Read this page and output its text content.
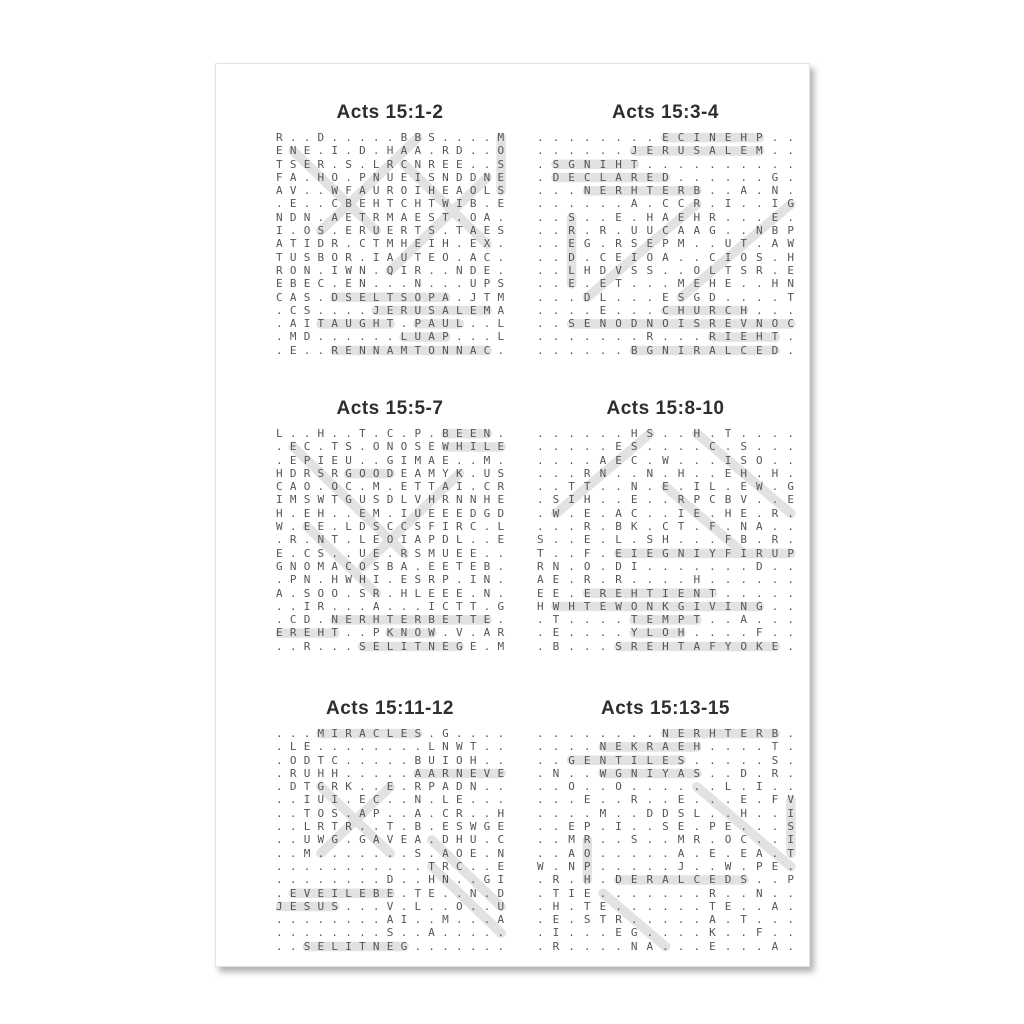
Acts 15:1-2
R . . D . . . . . B B S . . . . M
E N E . I . D . H A A . R D . . O
T S E R . S . L R C N R E E . . S
F A . H O . P N U E I S N D D N E
A V . . W F A U R O I H E A O L S
. E . . C B E H T C H T W I B . E
N D N . A E T R M A E S T . O A .
I . O S . E R U E R T S . T A E S
A T I D R . C T M H E I H . E X .
T U S B O R . I A U T E O . A C .
R O N . I W N . Q I R . . N D E .
E B E C . E N . . . N . . . U P S
C A S . D S E L T S O P A . J T M
. C S . . . . J E R U S A L E M A
. A I T A U G H T . P A U L . . L
. M D . . . . . . L U A P . . . L
. E . . R E N N A M T O N N A C .
Acts 15:3-4
. . . . . . . . E C I N E H P . .
. . . . . . J E R U S A L E M . .
. S G N I H T . . . . . . . . . .
. D E C L A R E D . . . . . . G .
. . . N E R H T E R B . . A . N .
. . . . . . A . C C R . I . . I G
. . S . . E . H A E H R . . . E .
. . R . R . U U C A A G . . N B P
. . E G . R S E P M . . U T . A W
. . D . C E I O A . . C I O S . H
. . L H D V S S . . O L T S R . E
. . E . E T . . . M E H E . . H N
. . . D L . . . E S G D . . . . T
. . . . E . . . C H U R C H . . .
. . S E N O D N O I S R E V N O C
. . . . . . . R . . . R I E H T .
. . . . . . B G N I R A L C E D .
Acts 15:5-7
L . . H . . T . C . P . B E E N .
. E C . T S . O N O S E W H I L E
. E P I E U . . G I M A E . . M .
H D R S R G O O D E A M Y K . U S
C A O . O C . M . E T T A I . C R
I M S W T G U S D L V H R N N H E
H . E H . . E M . I U E E E D G D
W . E E . L D S C C S F I R C . L
. R . N T . L E O I A P D L . . E
E . C S . . U E . R S M U E E . .
G N O M A C O S B A . E E T E B .
. P N . H W H I . E S R P . I N .
A . S O O . S R . H L E E E . N .
. . I R . . . A . . . I C T T . G
. C D . N E R H T E R B E T T E .
E R E H T . . P K N O W . V . A R
. . R . . . S E L I T N E G E . M
Acts 15:8-10
. . . . . . H S . . H . T . . . .
. . . . . E S . . . . C . S . . .
. . . . A E C . W . . . I S O . .
. . . R N . . N . H . . E H . H .
. . T T . . N . E . I L . E W . G
. S I H . . E . . R P C B V . . E
. W . E . A C . . I E . H E . R .
. . . R . B K . C T . F . N A . .
S . . E . L . S H . . . F B . R .
T . . F . E I E G N I Y F I R U P
R N . O . D I . . . . . . . D . .
A E . R . R . . . . H . . . . . .
E E . E R E H T I E N T . . . . .
H W H T E W O N K G I V I N G . .
. T . . . . T E M P T . . A . . .
. E . . . . Y L O H . . . . F . .
. B . . . S R E H T A F Y O K E .
Acts 15:11-12
. . . M I R A C L E S . G . . . .
. L E . . . . . . . . L N W T . .
. O D T C . . . . . B U I O H . .
. R U H H . . . . . A A R N E V E
. D T G R K . . E . R P A D N . .
. . I U I . E C . . N . L E . . .
. . T O S . A P . . A . C R . . H
. . L R T R . . T . B . E S W G E
. . U W G . G A V E A . D H U . C
. . M . . . . . . . S . A O E . N
. . . . . . . . . . . T R C . . E
. . . . . . . . D . . H N . . G I
. E V E I L E B E . T E . . N . D
J E S U S . . . V . L . . O . . U
. . . . . . . . A I . . M . . . A
. . . . . . . . S . . A . . . . .
. . S E L I T N E G . . . . . . .
Acts 15:13-15
. . . . . . . . N E R H T E R B .
. . . . N E K R A E H . . . . T .
. . G E N T I L E S . . . . . S .
. N . . W G N I Y A S . . D . R .
. . O . . O . . . . . . L . I . .
. . . E . . R . . E . . . E . F V
. . . . M . . D D S L . . H . . I
. . E P . I . . S E . P E . . . S
. . M R . . S . . M R . O C . . I
. . A O . . . . . A . E . E A . T
W . N P . . . . . J . . W . P E .
. R . H . D E R A L C E D S . . P
. T I E . . . . . . . R . . N . .
. H . T E . . . . . . T E . . A .
. E . S T R . . . . . A . T . . .
. I . . . E G . . . . K . . F . .
. R . . . . N A . . . E . . . A .
